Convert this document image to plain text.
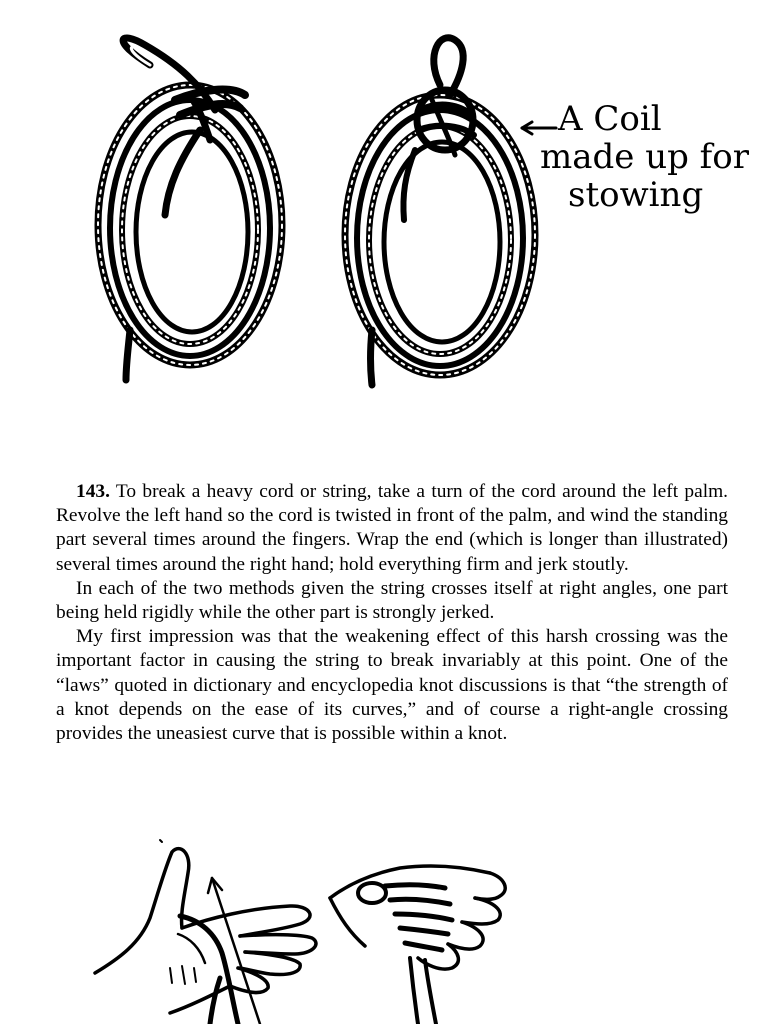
A Coil
made up for
stowing

143. To break a heavy cord or string, take a turn of the cord around the left palm. Revolve the left hand so the cord is twisted in front of the palm, and wind the standing part several times around the fingers. Wrap the end (which is longer than illustrated) several times around the right hand; hold everything firm and jerk stoutly.

In each of the two methods given the string crosses itself at right angles, one part being held rigidly while the other part is strongly jerked.

My first impression was that the weakening effect of this harsh crossing was the important factor in causing the string to break invariably at this point. One of the “laws” quoted in dictionary and encyclopedia knot discussions is that “the strength of a knot depends on the ease of its curves,” and of course a right-angle crossing provides the uneasiest curve that is possible within a knot.
